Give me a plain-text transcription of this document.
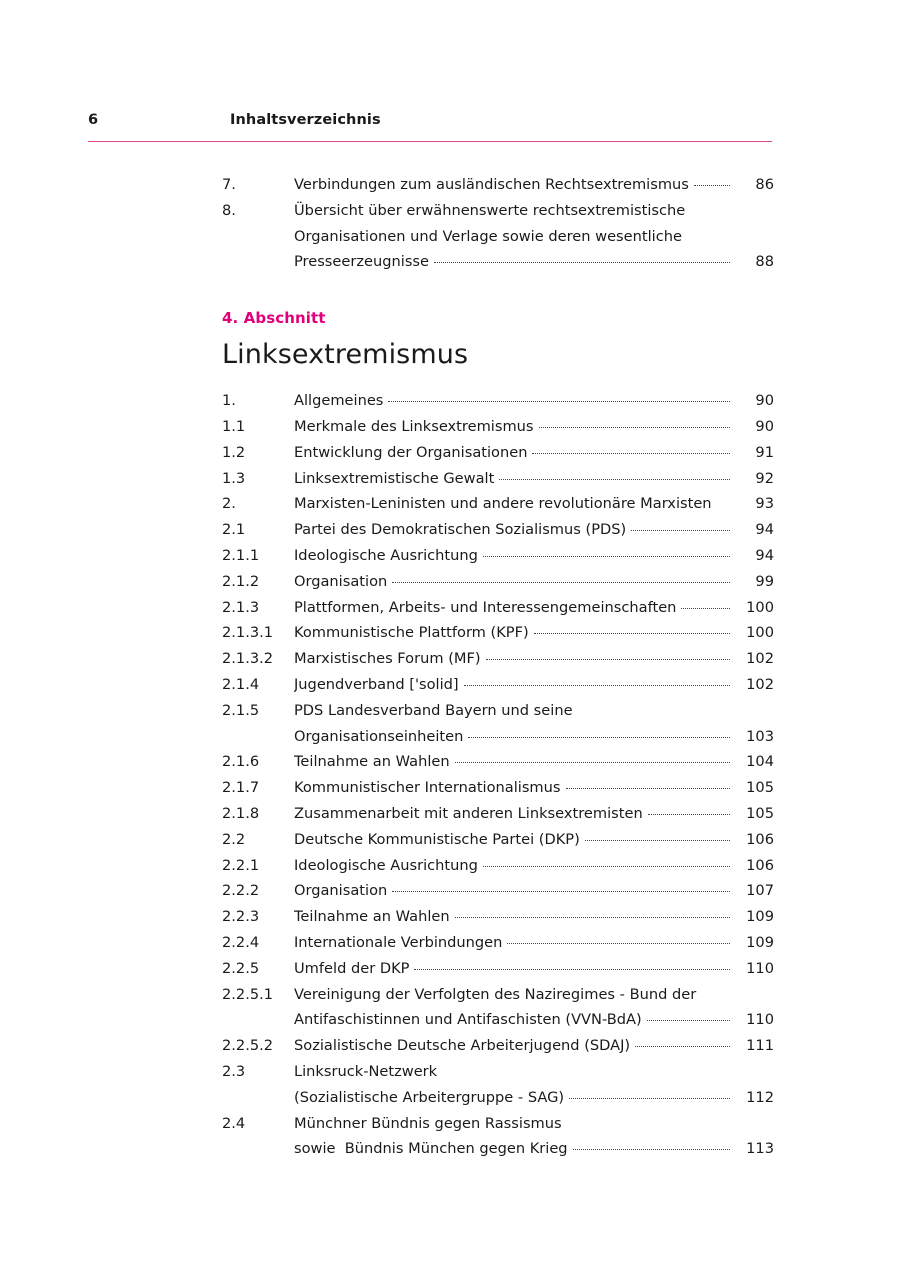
6	Inhaltsverzeichnis
7.	Verbindungen zum ausländischen Rechtsextremismus	86
8.	Übersicht über erwähnenswerte rechtsextremistische
Organisationen und Verlage sowie deren wesentliche
Presseerzeugnisse	88
4. Abschnitt
Linksextremismus
1.	Allgemeines	90
1.1	Merkmale des Linksextremismus	90
1.2	Entwicklung der Organisationen	91
1.3	Linksextremistische Gewalt	92
2.	Marxisten-Leninisten und andere revolutionäre Marxisten	93
2.1	Partei des Demokratischen Sozialismus (PDS)	94
2.1.1	Ideologische Ausrichtung	94
2.1.2	Organisation	99
2.1.3	Plattformen, Arbeits- und Interessengemeinschaften	100
2.1.3.1	Kommunistische Plattform (KPF)	100
2.1.3.2	Marxistisches Forum (MF)	102
2.1.4	Jugendverband ['solid]	102
2.1.5	PDS Landesverband Bayern und seine
Organisationseinheiten	103
2.1.6	Teilnahme an Wahlen	104
2.1.7	Kommunistischer Internationalismus	105
2.1.8	Zusammenarbeit mit anderen Linksextremisten	105
2.2	Deutsche Kommunistische Partei (DKP)	106
2.2.1	Ideologische Ausrichtung	106
2.2.2	Organisation	107
2.2.3	Teilnahme an Wahlen	109
2.2.4	Internationale Verbindungen	109
2.2.5	Umfeld der DKP	110
2.2.5.1	Vereinigung der Verfolgten des Naziregimes - Bund der
Antifaschistinnen und Antifaschisten (VVN-BdA)	110
2.2.5.2	Sozialistische Deutsche Arbeiterjugend (SDAJ)	111
2.3	Linksruck-Netzwerk
(Sozialistische Arbeitergruppe - SAG)	112
2.4	Münchner Bündnis gegen Rassismus
sowie  Bündnis München gegen Krieg	113
